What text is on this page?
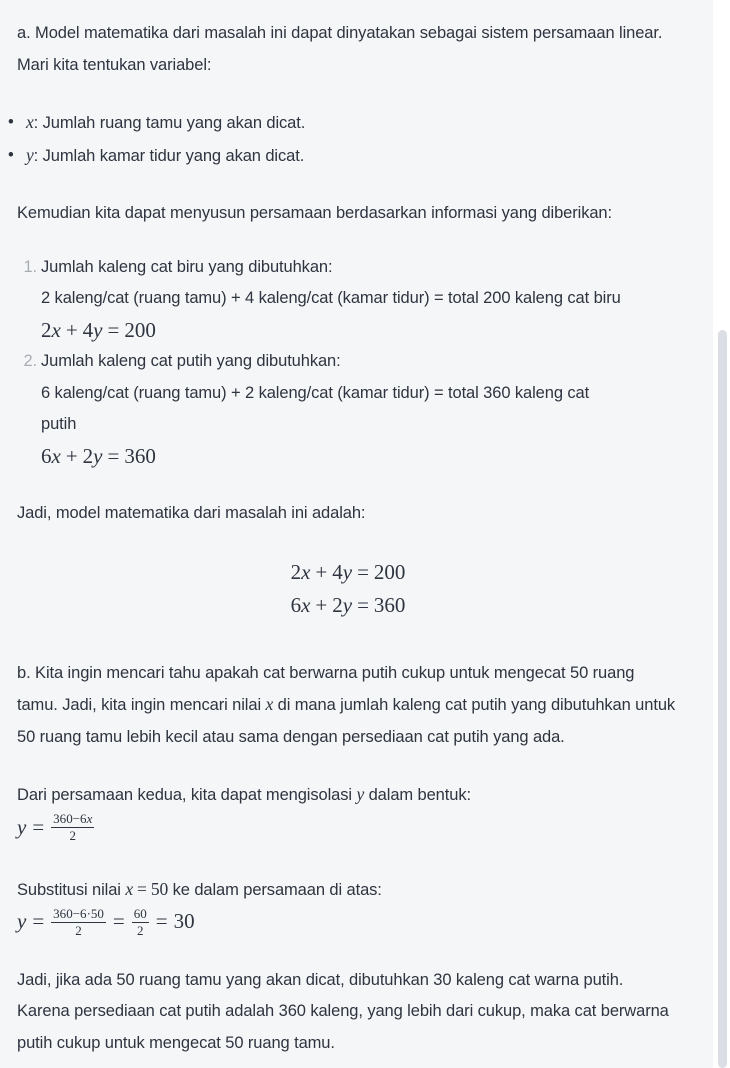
a. Model matematika dari masalah ini dapat dinyatakan sebagai sistem persamaan linear. Mari kita tentukan variabel:

• x: Jumlah ruang tamu yang akan dicat.
• y: Jumlah kamar tidur yang akan dicat.

Kemudian kita dapat menyusun persamaan berdasarkan informasi yang diberikan:

1. Jumlah kaleng cat biru yang dibutuhkan:
2 kaleng/cat (ruang tamu) + 4 kaleng/cat (kamar tidur) = total 200 kaleng cat biru
2x + 4y = 200
2. Jumlah kaleng cat putih yang dibutuhkan:
6 kaleng/cat (ruang tamu) + 2 kaleng/cat (kamar tidur) = total 360 kaleng cat
putih
6x + 2y = 360

Jadi, model matematika dari masalah ini adalah:

2x + 4y = 200
6x + 2y = 360

b. Kita ingin mencari tahu apakah cat berwarna putih cukup untuk mengecat 50 ruang tamu. Jadi, kita ingin mencari nilai x di mana jumlah kaleng cat putih yang dibutuhkan untuk 50 ruang tamu lebih kecil atau sama dengan persediaan cat putih yang ada.

Dari persamaan kedua, kita dapat mengisolasi y dalam bentuk:

$y = \frac{360-6x}{2}$

Substitusi nilai x = 50 ke dalam persamaan di atas:

$y = \frac{360-6\cdot 50}{2} = \frac{60}{2} = 30$

Jadi, jika ada 50 ruang tamu yang akan dicat, dibutuhkan 30 kaleng cat warna putih. Karena persediaan cat putih adalah 360 kaleng, yang lebih dari cukup, maka cat berwarna putih cukup untuk mengecat 50 ruang tamu.
